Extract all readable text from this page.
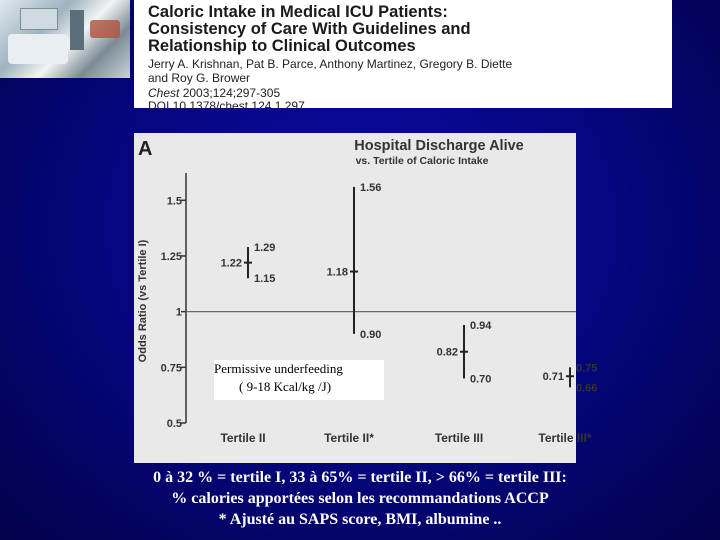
Caloric Intake in Medical ICU Patients:
Consistency of Care With Guidelines and
Relationship to Clinical Outcomes
Jerry A. Krishnan, Pat B. Parce, Anthony Martinez, Gregory B. Diette
and Roy G. Brower
Chest 2003;124;297-305
DOI 10.1378/chest.124.1.297
A	Hospital Discharge Alive
vs. Tertile of Caloric Intake
Odds Ratio (vs Tertile I)
0.5
0.75
1
1.25
1.5
Tertile II	Tertile II*	Tertile III	Tertile III*
1.29
1.15
1.22
1.56
0.90
1.18
0.94
0.70
0.82
0.75
0.66
0.71
Permissive underfeeding
( 9-18 Kcal/kg /J)
0 à 32 % = tertile I, 33 à 65% = tertile II, > 66% = tertile III:
% calories apportées selon les recommandations ACCP
* Ajusté au SAPS score, BMI, albumine ..
